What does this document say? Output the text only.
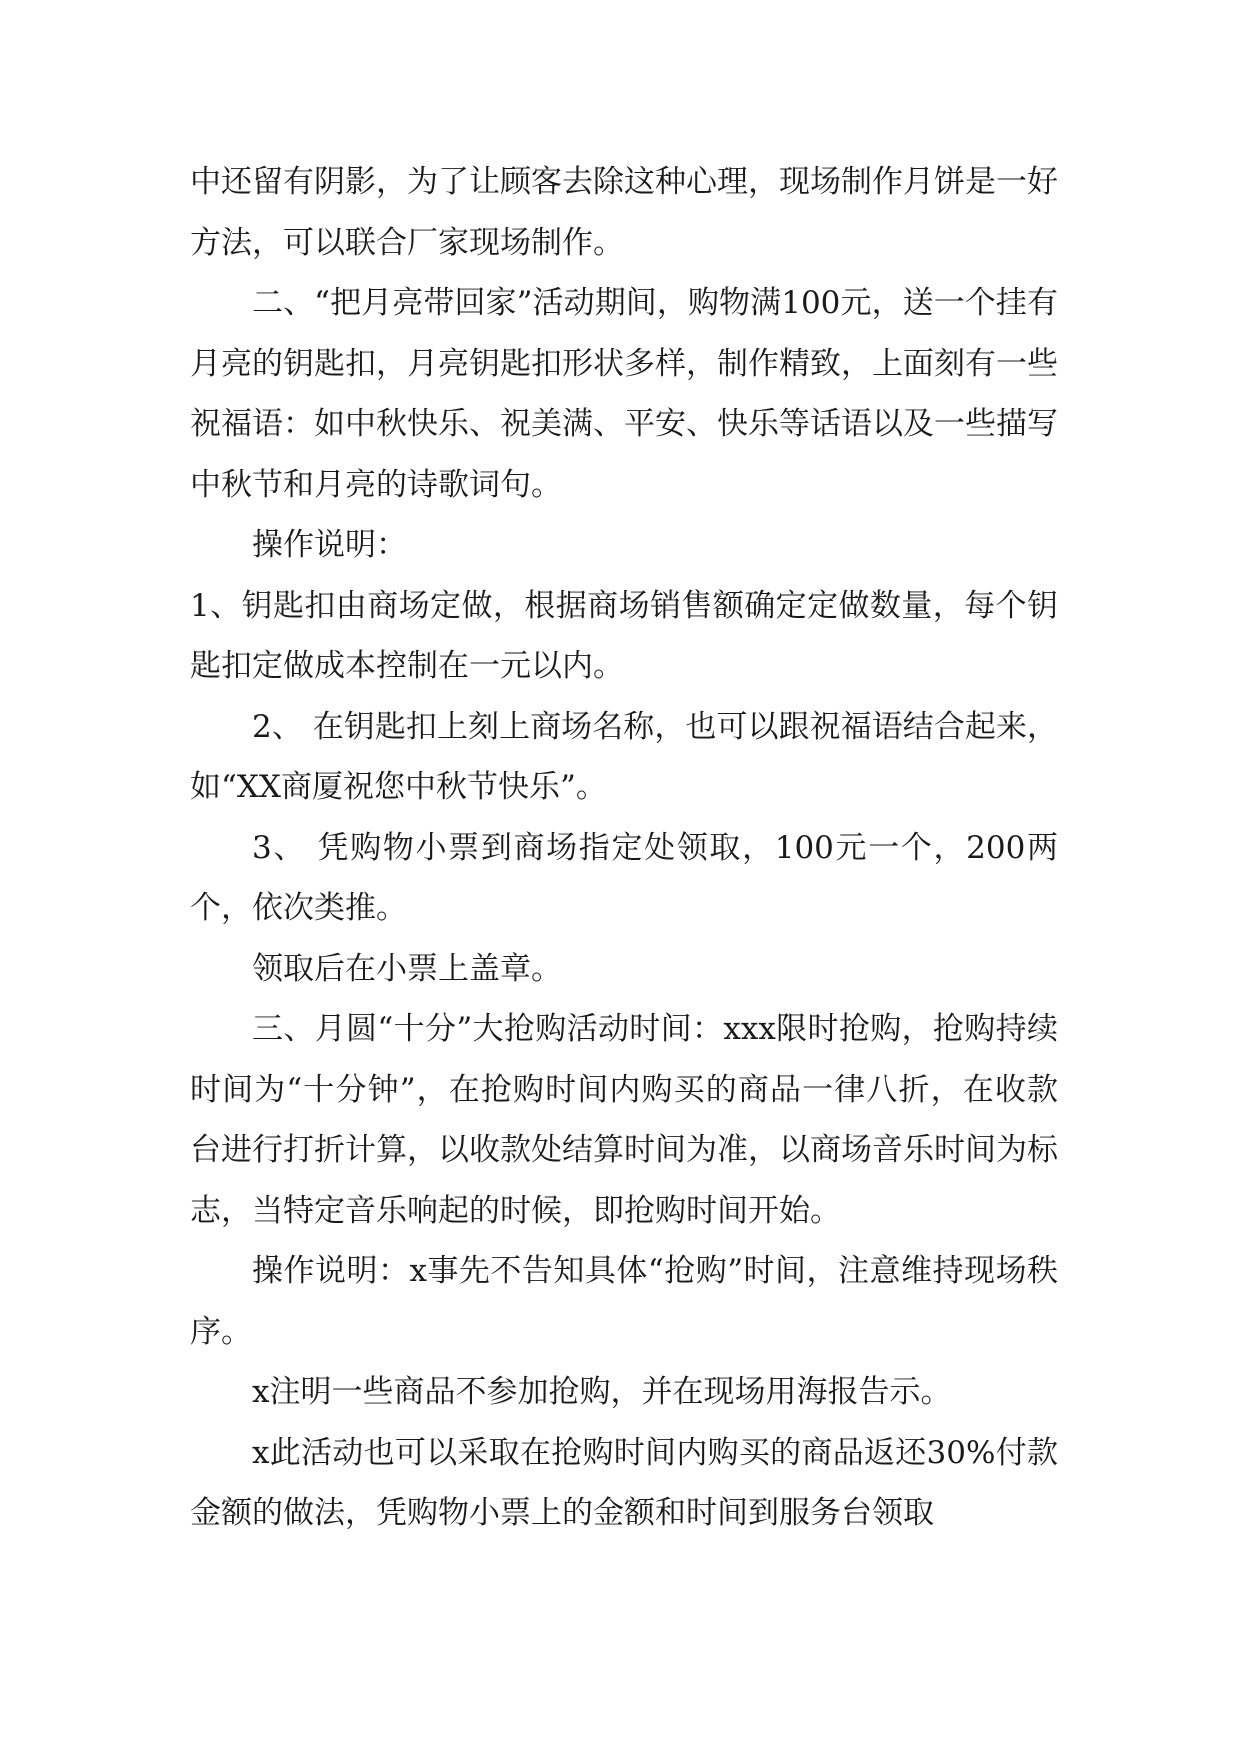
中还留有阴影，为了让顾客去除这种心理，现场制作月饼是一好方法，可以联合厂家现场制作。

二、“把月亮带回家”活动期间，购物满100元，送一个挂有月亮的钥匙扣，月亮钥匙扣形状多样，制作精致，上面刻有一些祝福语：如中秋快乐、祝美满、平安、快乐等话语以及一些描写中秋节和月亮的诗歌词句。

操作说明：

1、钥匙扣由商场定做，根据商场销售额确定定做数量，每个钥匙扣定做成本控制在一元以内。

2、 在钥匙扣上刻上商场名称，也可以跟祝福语结合起来，如“XX商厦祝您中秋节快乐”。

3、 凭购物小票到商场指定处领取，100元一个，200两个，依次类推。

领取后在小票上盖章。

三、月圆“十分”大抢购活动时间：xxx限时抢购，抢购持续时间为“十分钟”，在抢购时间内购买的商品一律八折，在收款台进行打折计算，以收款处结算时间为准，以商场音乐时间为标志，当特定音乐响起的时候，即抢购时间开始。

操作说明：x事先不告知具体“抢购”时间，注意维持现场秩序。

x注明一些商品不参加抢购，并在现场用海报告示。

x此活动也可以采取在抢购时间内购买的商品返还30%付款金额的做法，凭购物小票上的金额和时间到服务台领取
